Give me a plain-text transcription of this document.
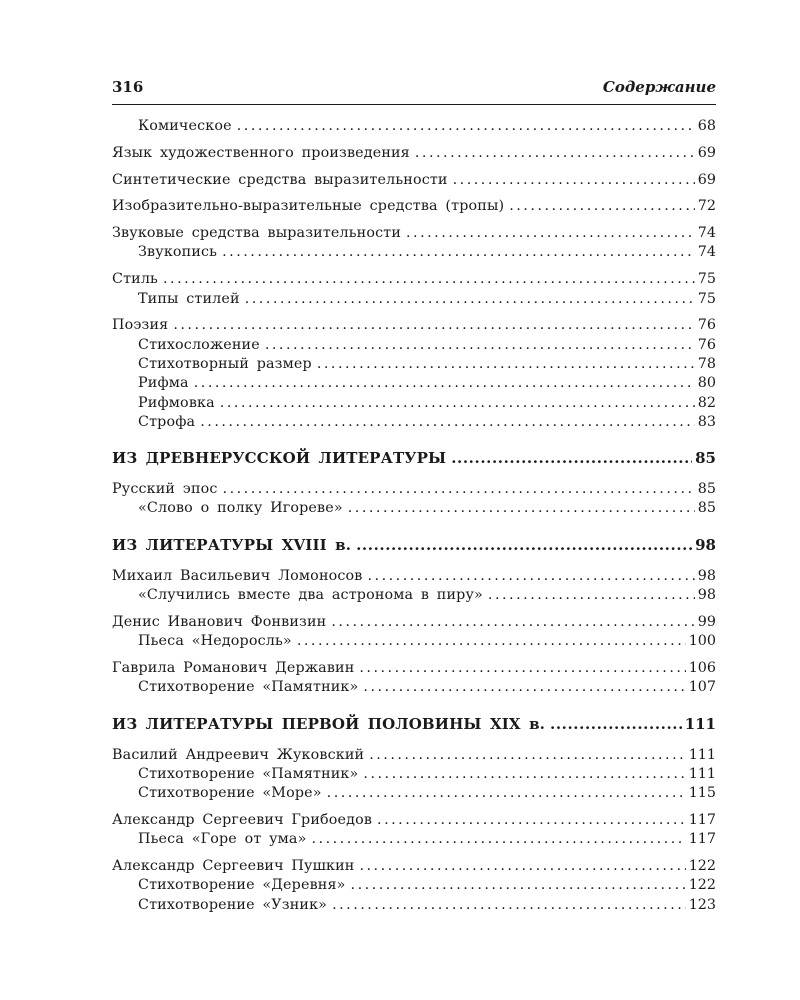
316	Содержание
Комическое .....	68
Язык художественного произведения .....	69
Синтетические средства выразительности .....	69
Изобразительно-выразительные средства (тропы) .....	72
Звуковые средства выразительности .....	74
Звукопись .....	74
Стиль .....	75
Типы стилей .....	75
Поэзия .....	76
Стихосложение .....	76
Стихотворный размер .....	78
Рифма .....	80
Рифмовка .....	82
Строфа .....	83
ИЗ ДРЕВНЕРУССКОЙ ЛИТЕРАТУРЫ .....	85
Русский эпос .....	85
«Слово о полку Игореве» .....	85
ИЗ ЛИТЕРАТУРЫ XVIII в. .....	98
Михаил Васильевич Ломоносов .....	98
«Случились вместе два астронома в пиру» .....	98
Денис Иванович Фонвизин .....	99
Пьеса «Недоросль» .....	100
Гаврила Романович Державин .....	106
Стихотворение «Памятник» .....	107
ИЗ ЛИТЕРАТУРЫ ПЕРВОЙ ПОЛОВИНЫ XIX в. .....	111
Василий Андреевич Жуковский .....	111
Стихотворение «Памятник» .....	111
Стихотворение «Море» .....	115
Александр Сергеевич Грибоедов .....	117
Пьеса «Горе от ума» .....	117
Александр Сергеевич Пушкин .....	122
Стихотворение «Деревня» .....	122
Стихотворение «Узник» .....	123
